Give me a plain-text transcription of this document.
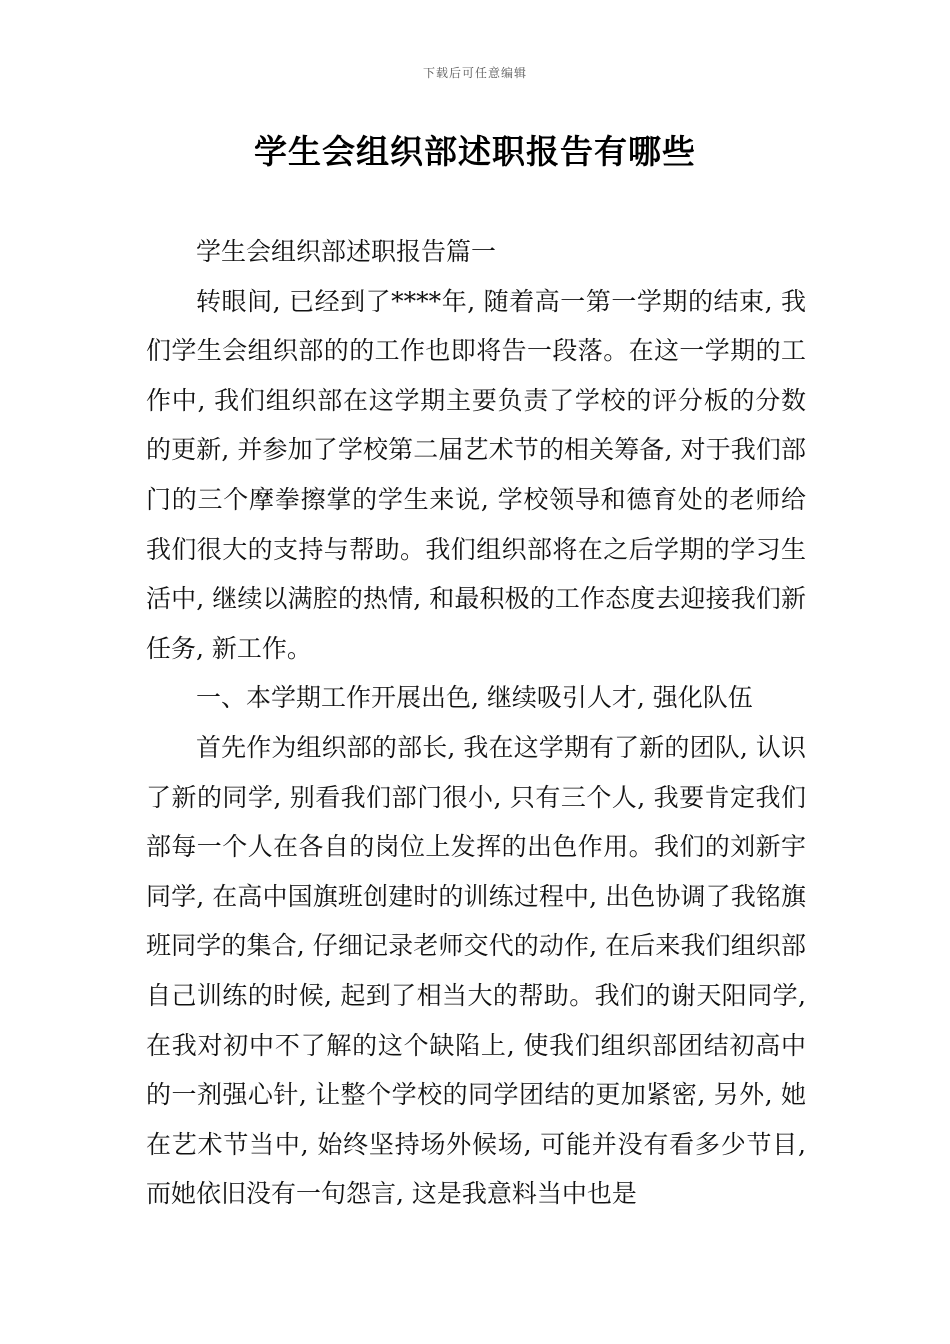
下载后可任意编辑
学生会组织部述职报告有哪些

学生会组织部述职报告篇一

转眼间, 已经到了****年, 随着高一第一学期的结束, 我们学生会组织部的的工作也即将告一段落。在这一学期的工作中, 我们组织部在这学期主要负责了学校的评分板的分数的更新, 并参加了学校第二届艺术节的相关筹备, 对于我们部门的三个摩拳擦掌的学生来说, 学校领导和德育处的老师给我们很大的支持与帮助。我们组织部将在之后学期的学习生活中, 继续以满腔的热情, 和最积极的工作态度去迎接我们新任务, 新工作。

一、本学期工作开展出色, 继续吸引人才, 强化队伍

首先作为组织部的部长, 我在这学期有了新的团队, 认识了新的同学, 别看我们部门很小, 只有三个人, 我要肯定我们部每一个人在各自的岗位上发挥的出色作用。我们的刘新宇同学, 在高中国旗班创建时的训练过程中, 出色协调了我铭旗班同学的集合, 仔细记录老师交代的动作, 在后来我们组织部自己训练的时候, 起到了相当大的帮助。我们的谢天阳同学, 在我对初中不了解的这个缺陷上, 使我们组织部团结初高中的一剂强心针, 让整个学校的同学团结的更加紧密, 另外, 她在艺术节当中, 始终坚持场外候场, 可能并没有看多少节目, 而她依旧没有一句怨言, 这是我意料当中也是
